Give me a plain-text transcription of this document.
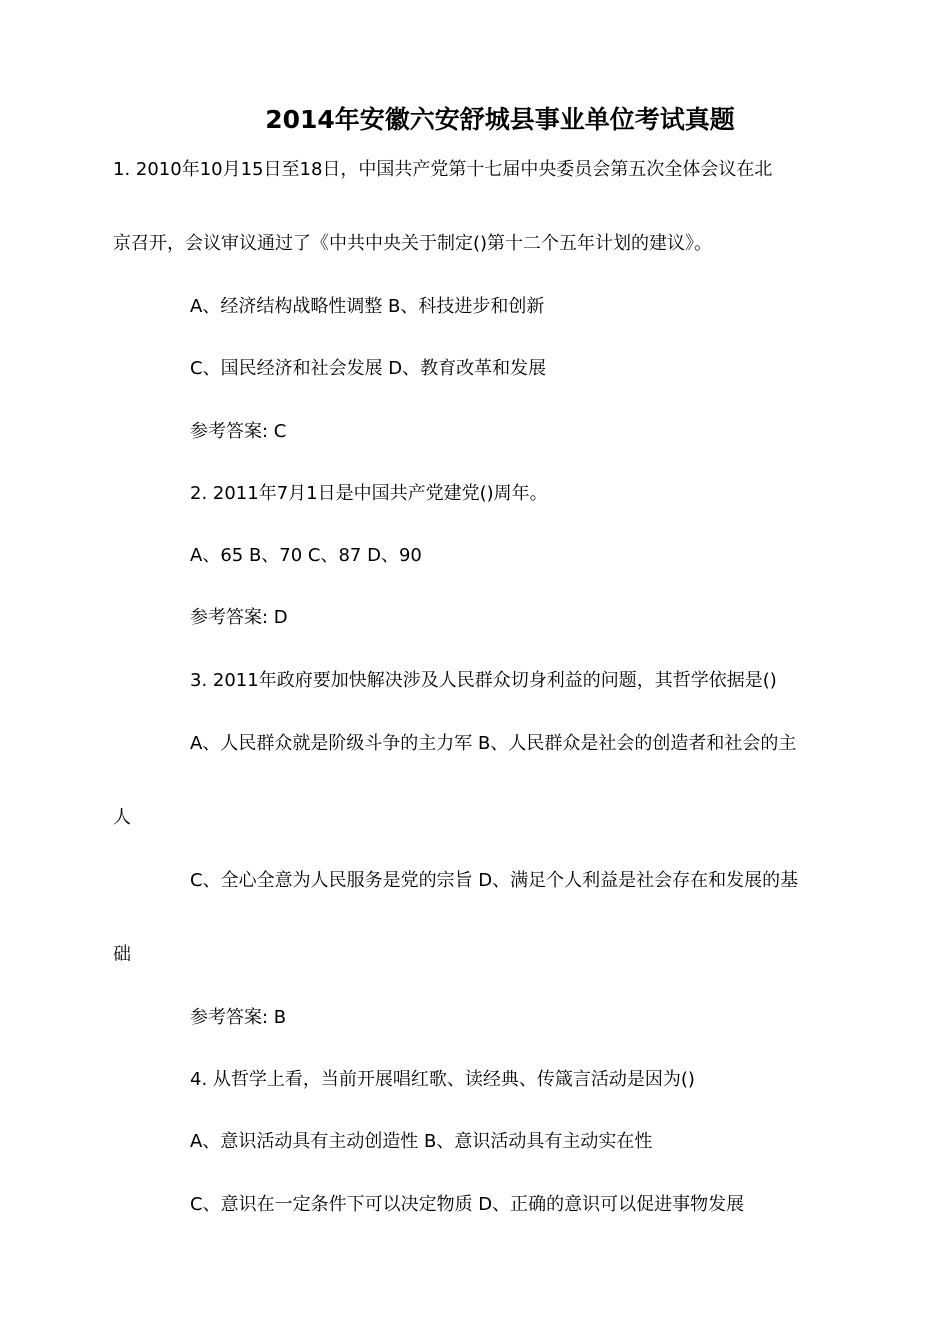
2014年安徽六安舒城县事业单位考试真题
1. 2010年10月15日至18日，中国共产党第十七届中央委员会第五次全体会议在北
京召开，会议审议通过了《中共中央关于制定()第十二个五年计划的建议》。
A、经济结构战略性调整 B、科技进步和创新
C、国民经济和社会发展 D、教育改革和发展
参考答案: C
2. 2011年7月1日是中国共产党建党()周年。
A、65 B、70 C、87 D、90
参考答案: D
3. 2011年政府要加快解决涉及人民群众切身利益的问题，其哲学依据是()
A、人民群众就是阶级斗争的主力军 B、人民群众是社会的创造者和社会的主
人
C、全心全意为人民服务是党的宗旨 D、满足个人利益是社会存在和发展的基
础
参考答案: B
4. 从哲学上看，当前开展唱红歌、读经典、传箴言活动是因为()
A、意识活动具有主动创造性 B、意识活动具有主动实在性
C、意识在一定条件下可以决定物质 D、正确的意识可以促进事物发展
